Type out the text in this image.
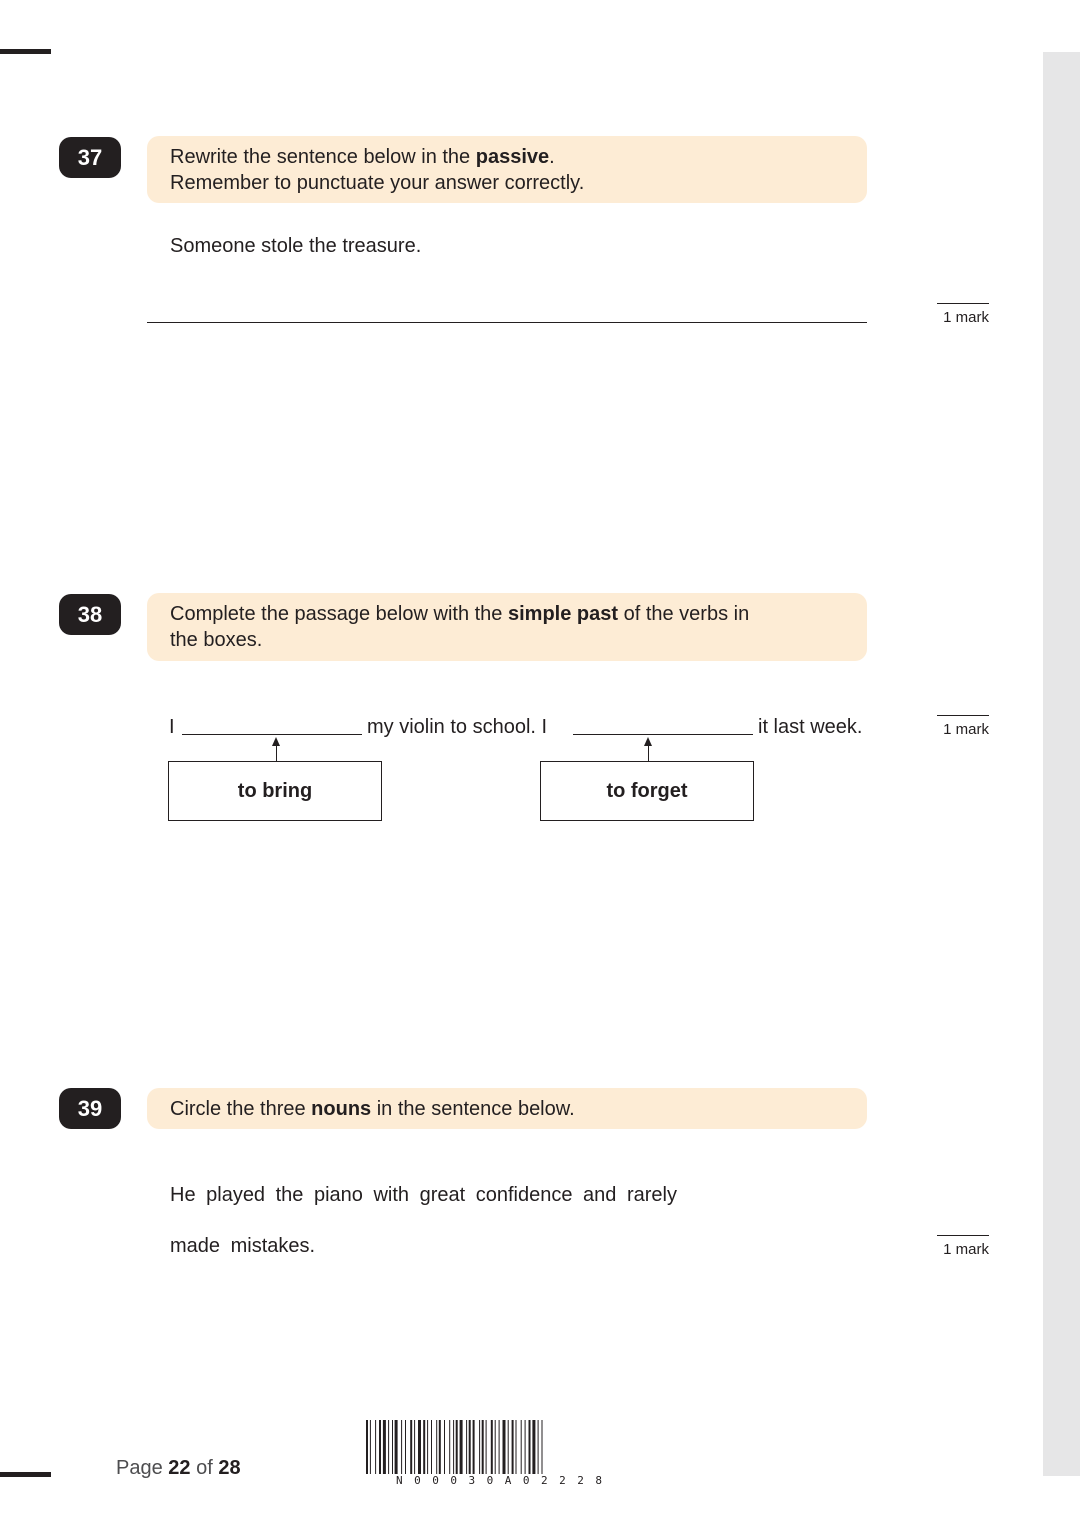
37	Rewrite the sentence below in the passive.
Remember to punctuate your answer correctly.
Someone stole the treasure.
1 mark
38	Complete the passage below with the simple past of the verbs in
the boxes.
I	my violin to school. I	it last week.
to bring	to forget
1 mark
39	Circle the three nouns in the sentence below.
He played the piano with great confidence and rarely
made mistakes.	1 mark
Page 22 of 28
N00030A02228
